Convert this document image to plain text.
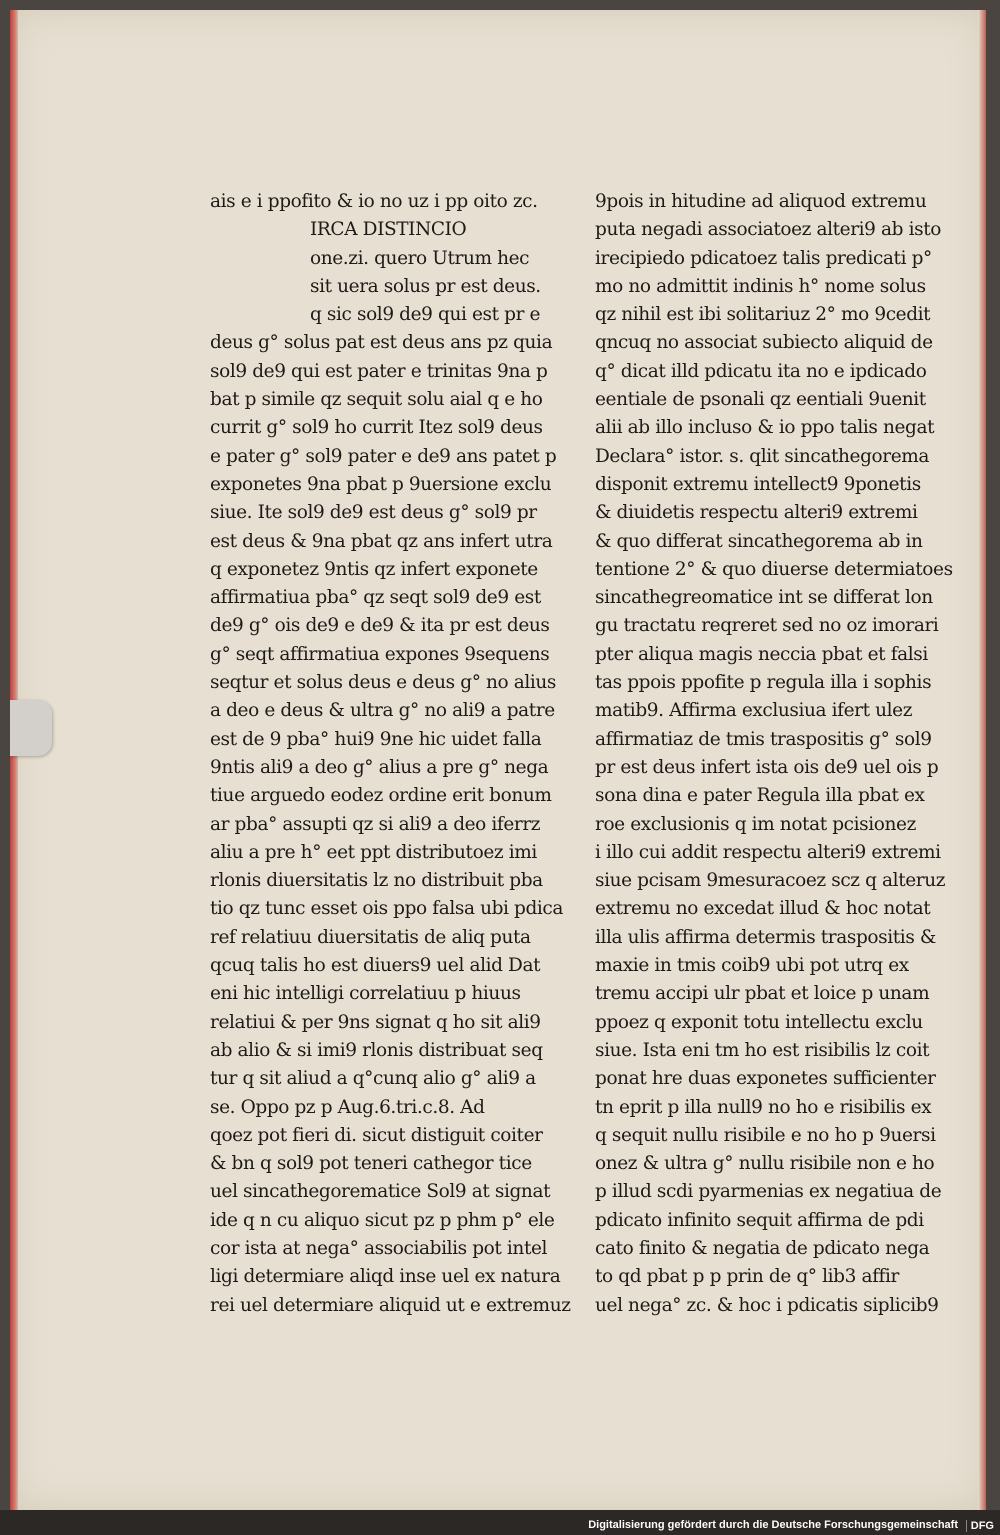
ais e i ppofito & io no uz i pp oito zc.
IRCA DISTINCIO
one.zi. quero Utrum hec
sit uera solus pr est deus.
q sic sol9 de9 qui est pr e
deus g° solus pat est deus ans pz quia
sol9 de9 qui est pater e trinitas 9na p
bat p simile qz sequit solu aial q e ho
currit g° sol9 ho currit Itez sol9 deus
e pater g° sol9 pater e de9 ans patet p
exponetes 9na pbat p 9uersione exclu
siue. Ite sol9 de9 est deus g° sol9 pr
est deus & 9na pbat qz ans infert utra
q exponetez 9ntis qz infert exponete
affirmatiua pba° qz seqt sol9 de9 est
de9 g° ois de9 e de9 & ita pr est deus
g° seqt affirmatiua expones 9sequens
seqtur et solus deus e deus g° no alius
a deo e deus & ultra g° no ali9 a patre
est de 9 pba° hui9 9ne hic uidet falla
9ntis ali9 a deo g° alius a pre g° nega
tiue arguedo eodez ordine erit bonum
ar pba° assupti qz si ali9 a deo iferrz
aliu a pre h° eet ppt distributoez imi
rlonis diuersitatis lz no distribuit pba
tio qz tunc esset ois ppo falsa ubi pdica
ref relatiuu diuersitatis de aliq puta
qcuq talis ho est diuers9 uel alid Dat
eni hic intelligi correlatiuu p hiuus
relatiui & per 9ns signat q ho sit ali9
ab alio & si imi9 rlonis distribuat seq
tur q sit aliud a q°cunq alio g° ali9 a
se. Oppo pz p Aug.6.tri.c.8. Ad
qoez pot fieri di. sicut distiguit coiter
& bn q sol9 pot teneri cathegor tice
uel sincathegorematice Sol9 at signat
ide q n cu aliquo sicut pz p phm p° ele
cor ista at nega° associabilis pot intel
ligi determiare aliqd inse uel ex natura
rei uel determiare aliquid ut e extremuz
9pois in hitudine ad aliquod extremu
puta negadi associatoez alteri9 ab isto
irecipiedo pdicatoez talis predicati p°
mo no admittit indinis h° nome solus
qz nihil est ibi solitariuz 2° mo 9cedit
qncuq no associat subiecto aliquid de
q° dicat illd pdicatu ita no e ipdicado
eentiale de psonali qz eentiali 9uenit
alii ab illo incluso & io ppo talis negat
Declara° istor. s. qlit sincathegorema
disponit extremu intellect9 9ponetis
& diuidetis respectu alteri9 extremi
& quo differat sincathegorema ab in
tentione 2° & quo diuerse determiatoes
sincathegreomatice int se differat lon
gu tractatu reqreret sed no oz imorari
pter aliqua magis neccia pbat et falsi
tas ppois ppofite p regula illa i sophis
matib9. Affirma exclusiua ifert ulez
affirmatiaz de tmis traspositis g° sol9
pr est deus infert ista ois de9 uel ois p
sona dina e pater Regula illa pbat ex
roe exclusionis q im notat pcisionez
i illo cui addit respectu alteri9 extremi
siue pcisam 9mesuracoez scz q alteruz
extremu no excedat illud & hoc notat
illa ulis affirma determis traspositis &
maxie in tmis coib9 ubi pot utrq ex
tremu accipi ulr pbat et loice p unam
ppoez q exponit totu intellectu exclu
siue. Ista eni tm ho est risibilis lz coit
ponat hre duas exponetes sufficienter
tn eprit p illa null9 no ho e risibilis ex
q sequit nullu risibile e no ho p 9uersi
onez & ultra g° nullu risibile non e ho
p illud scdi pyarmenias ex negatiua de
pdicato infinito sequit affirma de pdi
cato finito & negatia de pdicato nega
to qd pbat p p prin de q° lib3 affir
uel nega° zc. & hoc i pdicatis siplicib9
Digitalisierung gefördert durch die Deutsche Forschungsgemeinschaft	DFG
